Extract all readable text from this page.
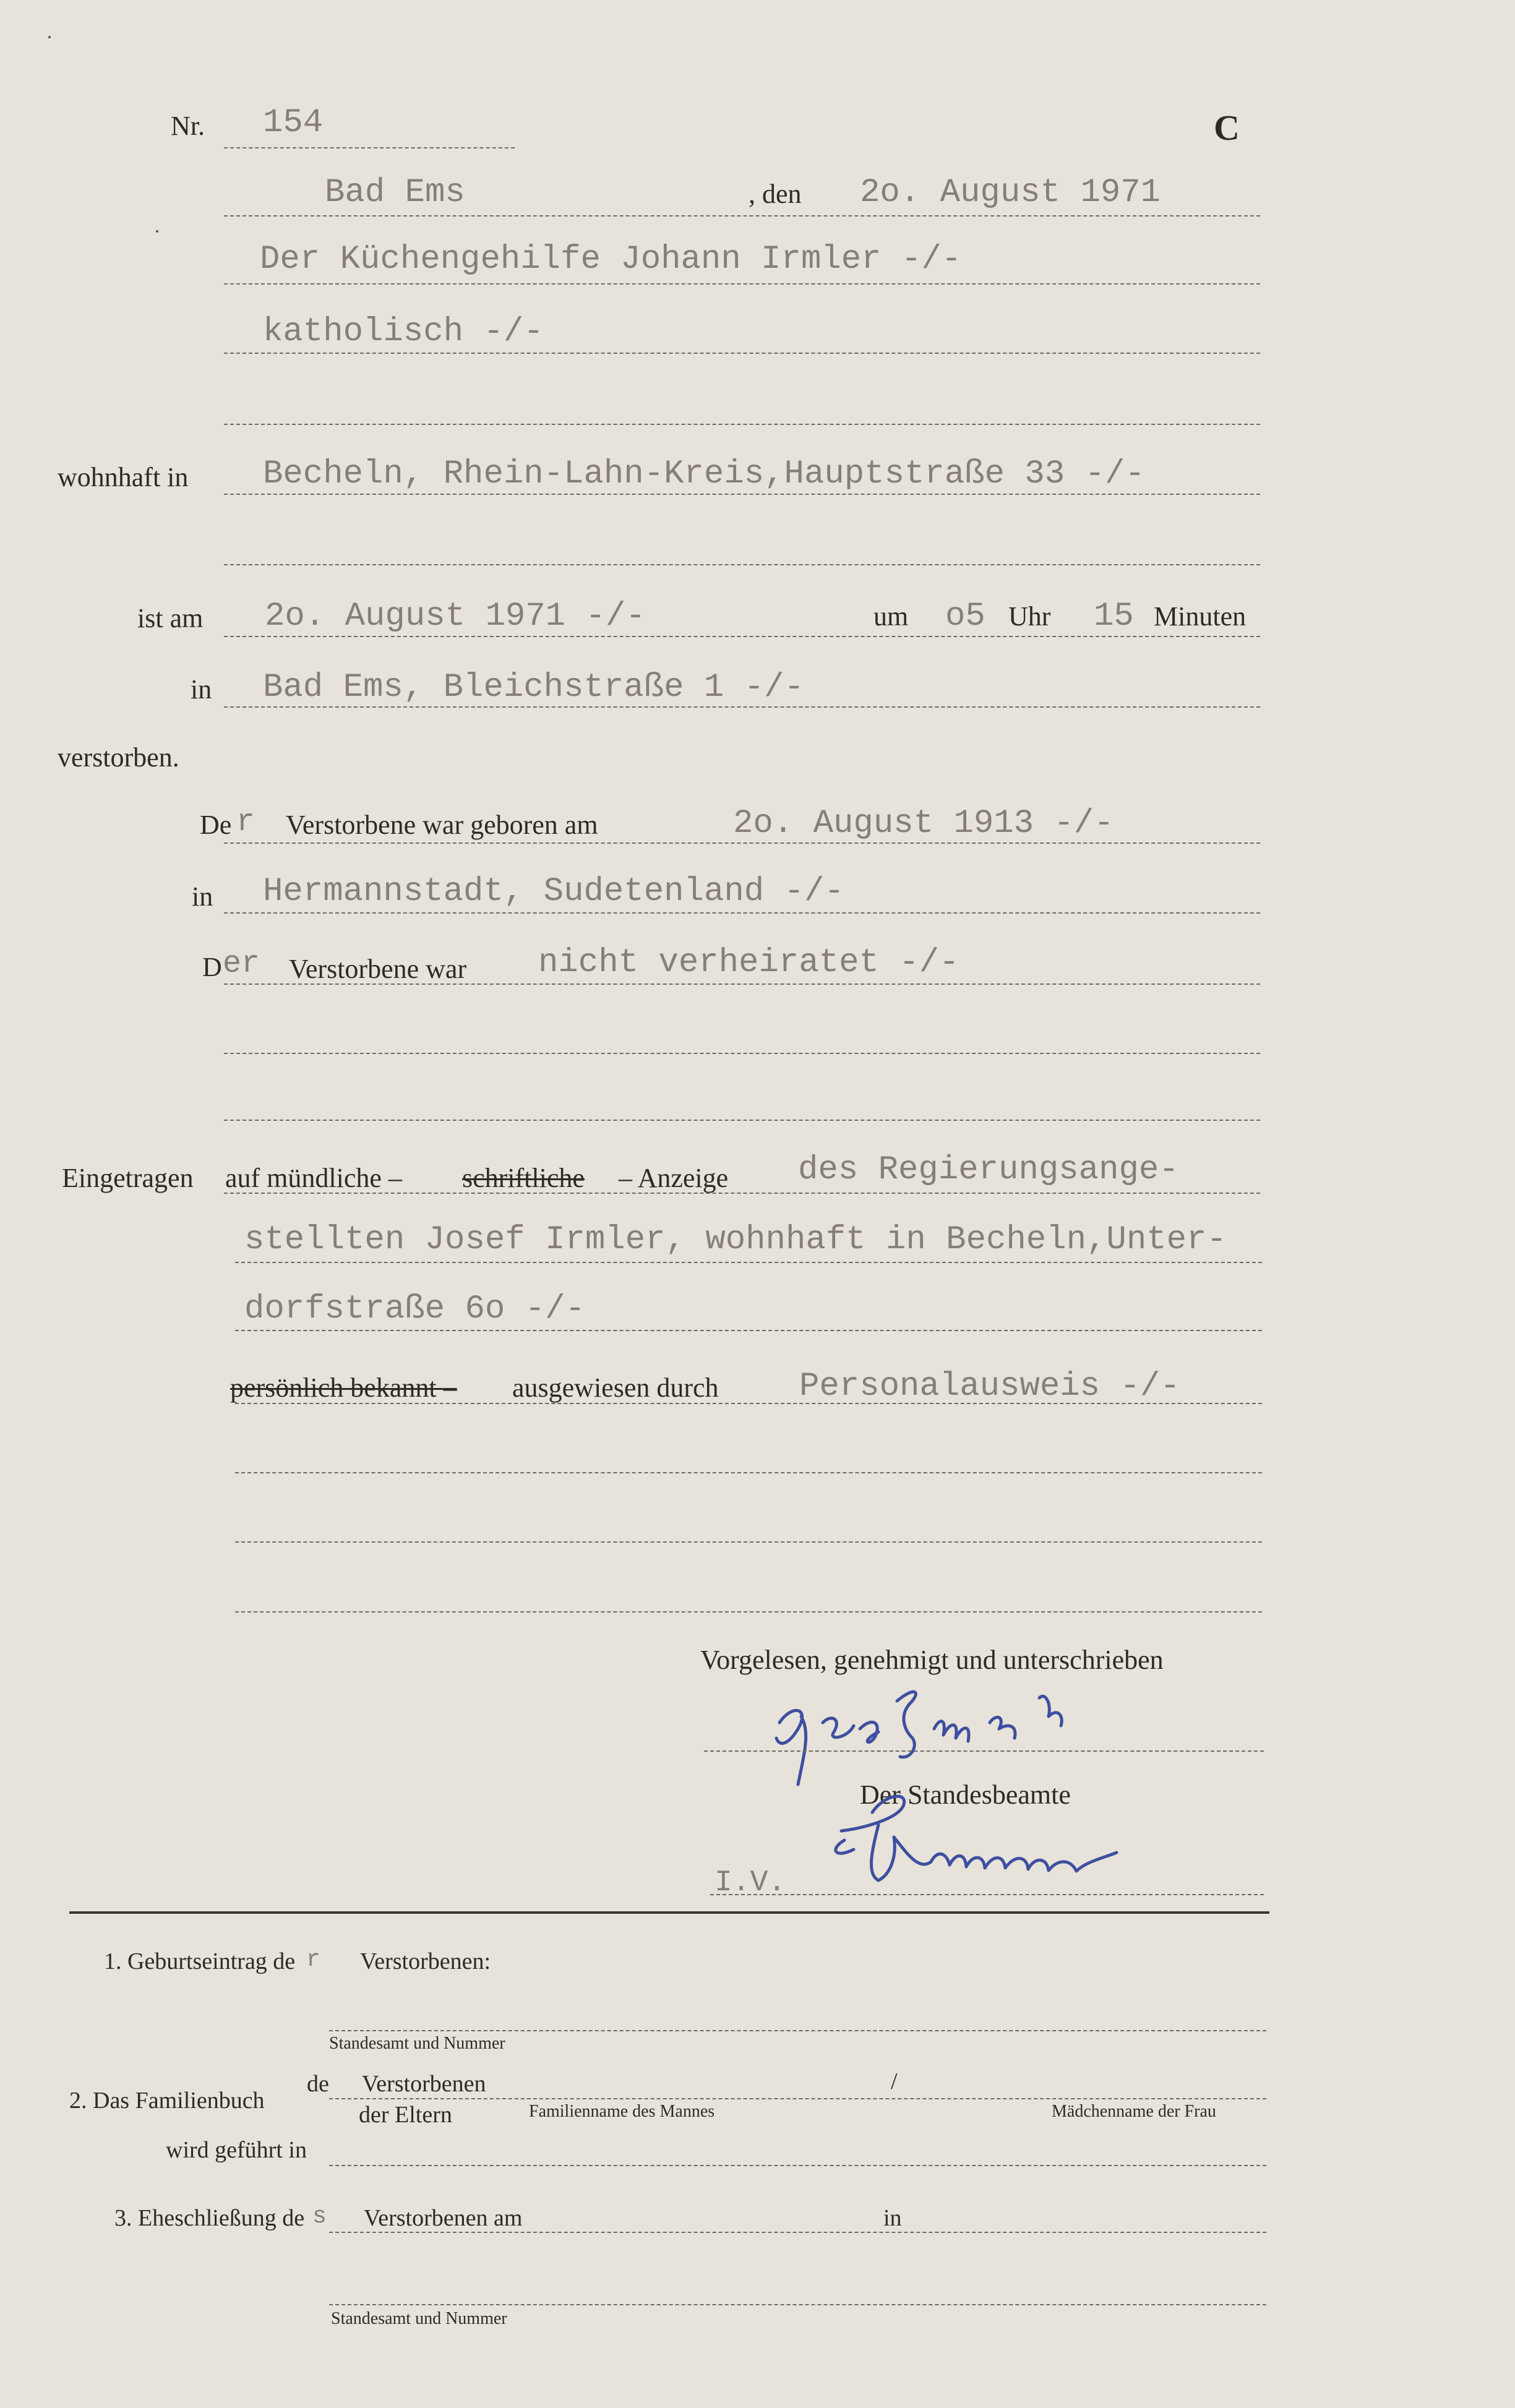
Nr. 154	C
Bad Ems	, den 2o. August 1971
Der Küchengehilfe Johann Irmler -/-
katholisch -/-
wohnhaft in Becheln, Rhein-Lahn-Kreis,Hauptstraße 33 -/-
ist am 2o. August 1971 -/-	um o5 Uhr 15 Minuten
in Bad Ems, Bleichstraße 1 -/-
verstorben.
De r Verstorbene war geboren am	2o. August 1913 -/-
in Hermannstadt, Sudetenland -/-
D er Verstorbene war nicht verheiratet -/-
Eingetragen auf mündliche – schriftliche – Anzeige des Regierungsange-
stellten Josef Irmler, wohnhaft in Becheln,Unter-
dorfstraße 6o -/-
persönlich bekannt – ausgewiesen durch Personalausweis -/-
Vorgelesen, genehmigt und unterschrieben
Der Standesbeamte
I.V.
1. Geburtseintrag de r Verstorbenen:
Standesamt und Nummer
2. Das Familienbuch
de Verstorbenen	/
der Eltern	Familienname des Mannes	Mädchenname der Frau
wird geführt in
3. Eheschließung de s Verstorbenen am	in
Standesamt und Nummer
